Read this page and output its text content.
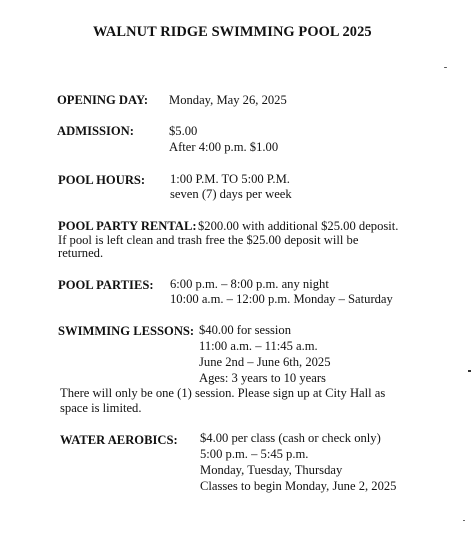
WALNUT RIDGE SWIMMING POOL 2025
OPENING DAY: Monday, May 26, 2025
ADMISSION:	$5.00
After 4:00 p.m. $1.00
POOL HOURS: 1:00 P.M. TO 5:00 P.M.
seven (7) days per week
POOL PARTY RENTAL: $200.00 with additional $25.00 deposit.
If pool is left clean and trash free the $25.00 deposit will be
returned.
POOL PARTIES: 6:00 p.m. – 8:00 p.m. any night
10:00 a.m. – 12:00 p.m. Monday – Saturday
SWIMMING LESSONS: $40.00 for session
11:00 a.m. – 11:45 a.m.
June 2nd – June 6th, 2025
Ages: 3 years to 10 years
There will only be one (1) session. Please sign up at City Hall as
space is limited.
WATER AEROBICS: $4.00 per class (cash or check only)
5:00 p.m. – 5:45 p.m.
Monday, Tuesday, Thursday
Classes to begin Monday, June 2, 2025
